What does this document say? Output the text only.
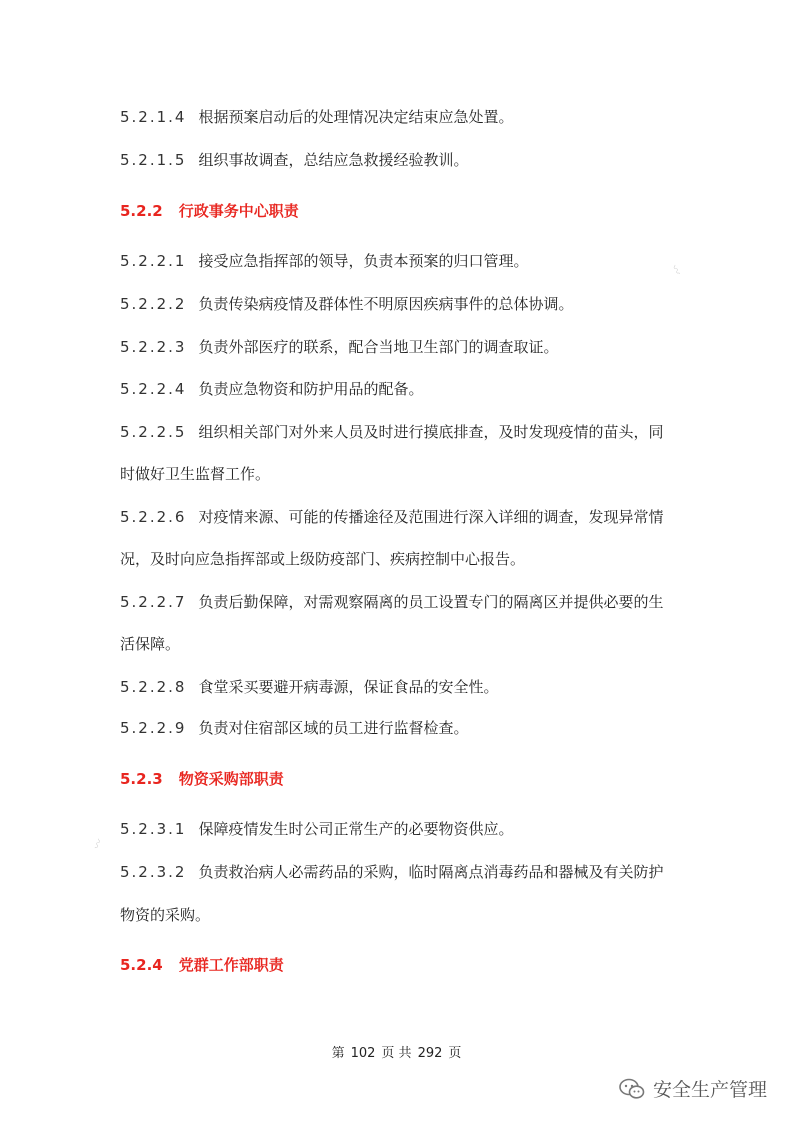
5.2.1.4 根据预案启动后的处理情况决定结束应急处置。
5.2.1.5 组织事故调查，总结应急救援经验教训。
5.2.2 行政事务中心职责
5.2.2.1 接受应急指挥部的领导，负责本预案的归口管理。
5.2.2.2 负责传染病疫情及群体性不明原因疾病事件的总体协调。
5.2.2.3 负责外部医疗的联系，配合当地卫生部门的调查取证。
5.2.2.4 负责应急物资和防护用品的配备。
5.2.2.5 组织相关部门对外来人员及时进行摸底排查，及时发现疫情的苗头，同
时做好卫生监督工作。
5.2.2.6 对疫情来源、可能的传播途径及范围进行深入详细的调查，发现异常情
况，及时向应急指挥部或上级防疫部门、疾病控制中心报告。
5.2.2.7 负责后勤保障，对需观察隔离的员工设置专门的隔离区并提供必要的生
活保障。
5.2.2.8 食堂采买要避开病毒源，保证食品的安全性。
5.2.2.9 负责对住宿部区域的员工进行监督检查。
5.2.3 物资采购部职责
5.2.3.1 保障疫情发生时公司正常生产的必要物资供应。
5.2.3.2 负责救治病人必需药品的采购，临时隔离点消毒药品和器械及有关防护
物资的采购。
5.2.4 党群工作部职责
〰
〰
第 102 页 共 292 页
安全生产管理
